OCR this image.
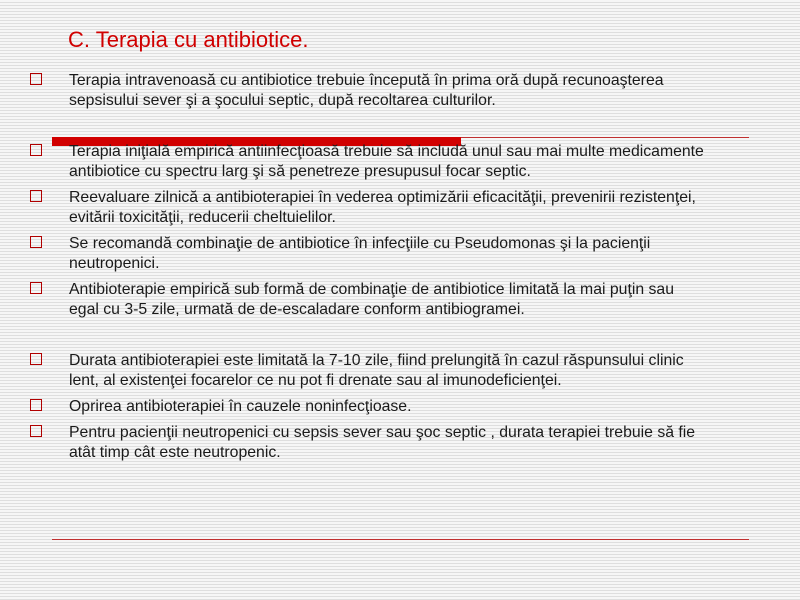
C. Terapia cu antibiotice.
Terapia intravenoasă cu antibiotice trebuie începută în prima oră după recunoaşterea
sepsisului sever şi a şocului septic, după recoltarea culturilor.
Terapia iniţială empirică antiinfecţioasă trebuie să includă unul sau mai multe medicamente
antibiotice cu spectru larg şi să penetreze presupusul focar septic.
Reevaluare zilnică a antibioterapiei în vederea optimizării eficacităţii, prevenirii rezistenţei,
evitării toxicităţii, reducerii cheltuielilor.
Se recomandă combinaţie de antibiotice în infecţiile cu Pseudomonas şi la pacienţii
neutropenici.
Antibioterapie empirică sub formă de combinaţie de antibiotice limitată la mai puţin sau
egal cu 3-5 zile, urmată de de-escaladare conform antibiogramei.
Durata antibioterapiei este limitată la 7-10 zile, fiind prelungită în cazul răspunsului clinic
lent, al existenţei focarelor ce nu pot fi drenate sau al imunodeficienţei.
Oprirea antibioterapiei în cauzele noninfecţioase.
Pentru pacienţii neutropenici cu sepsis sever sau şoc septic , durata terapiei trebuie să fie
atât timp cât este neutropenic.
